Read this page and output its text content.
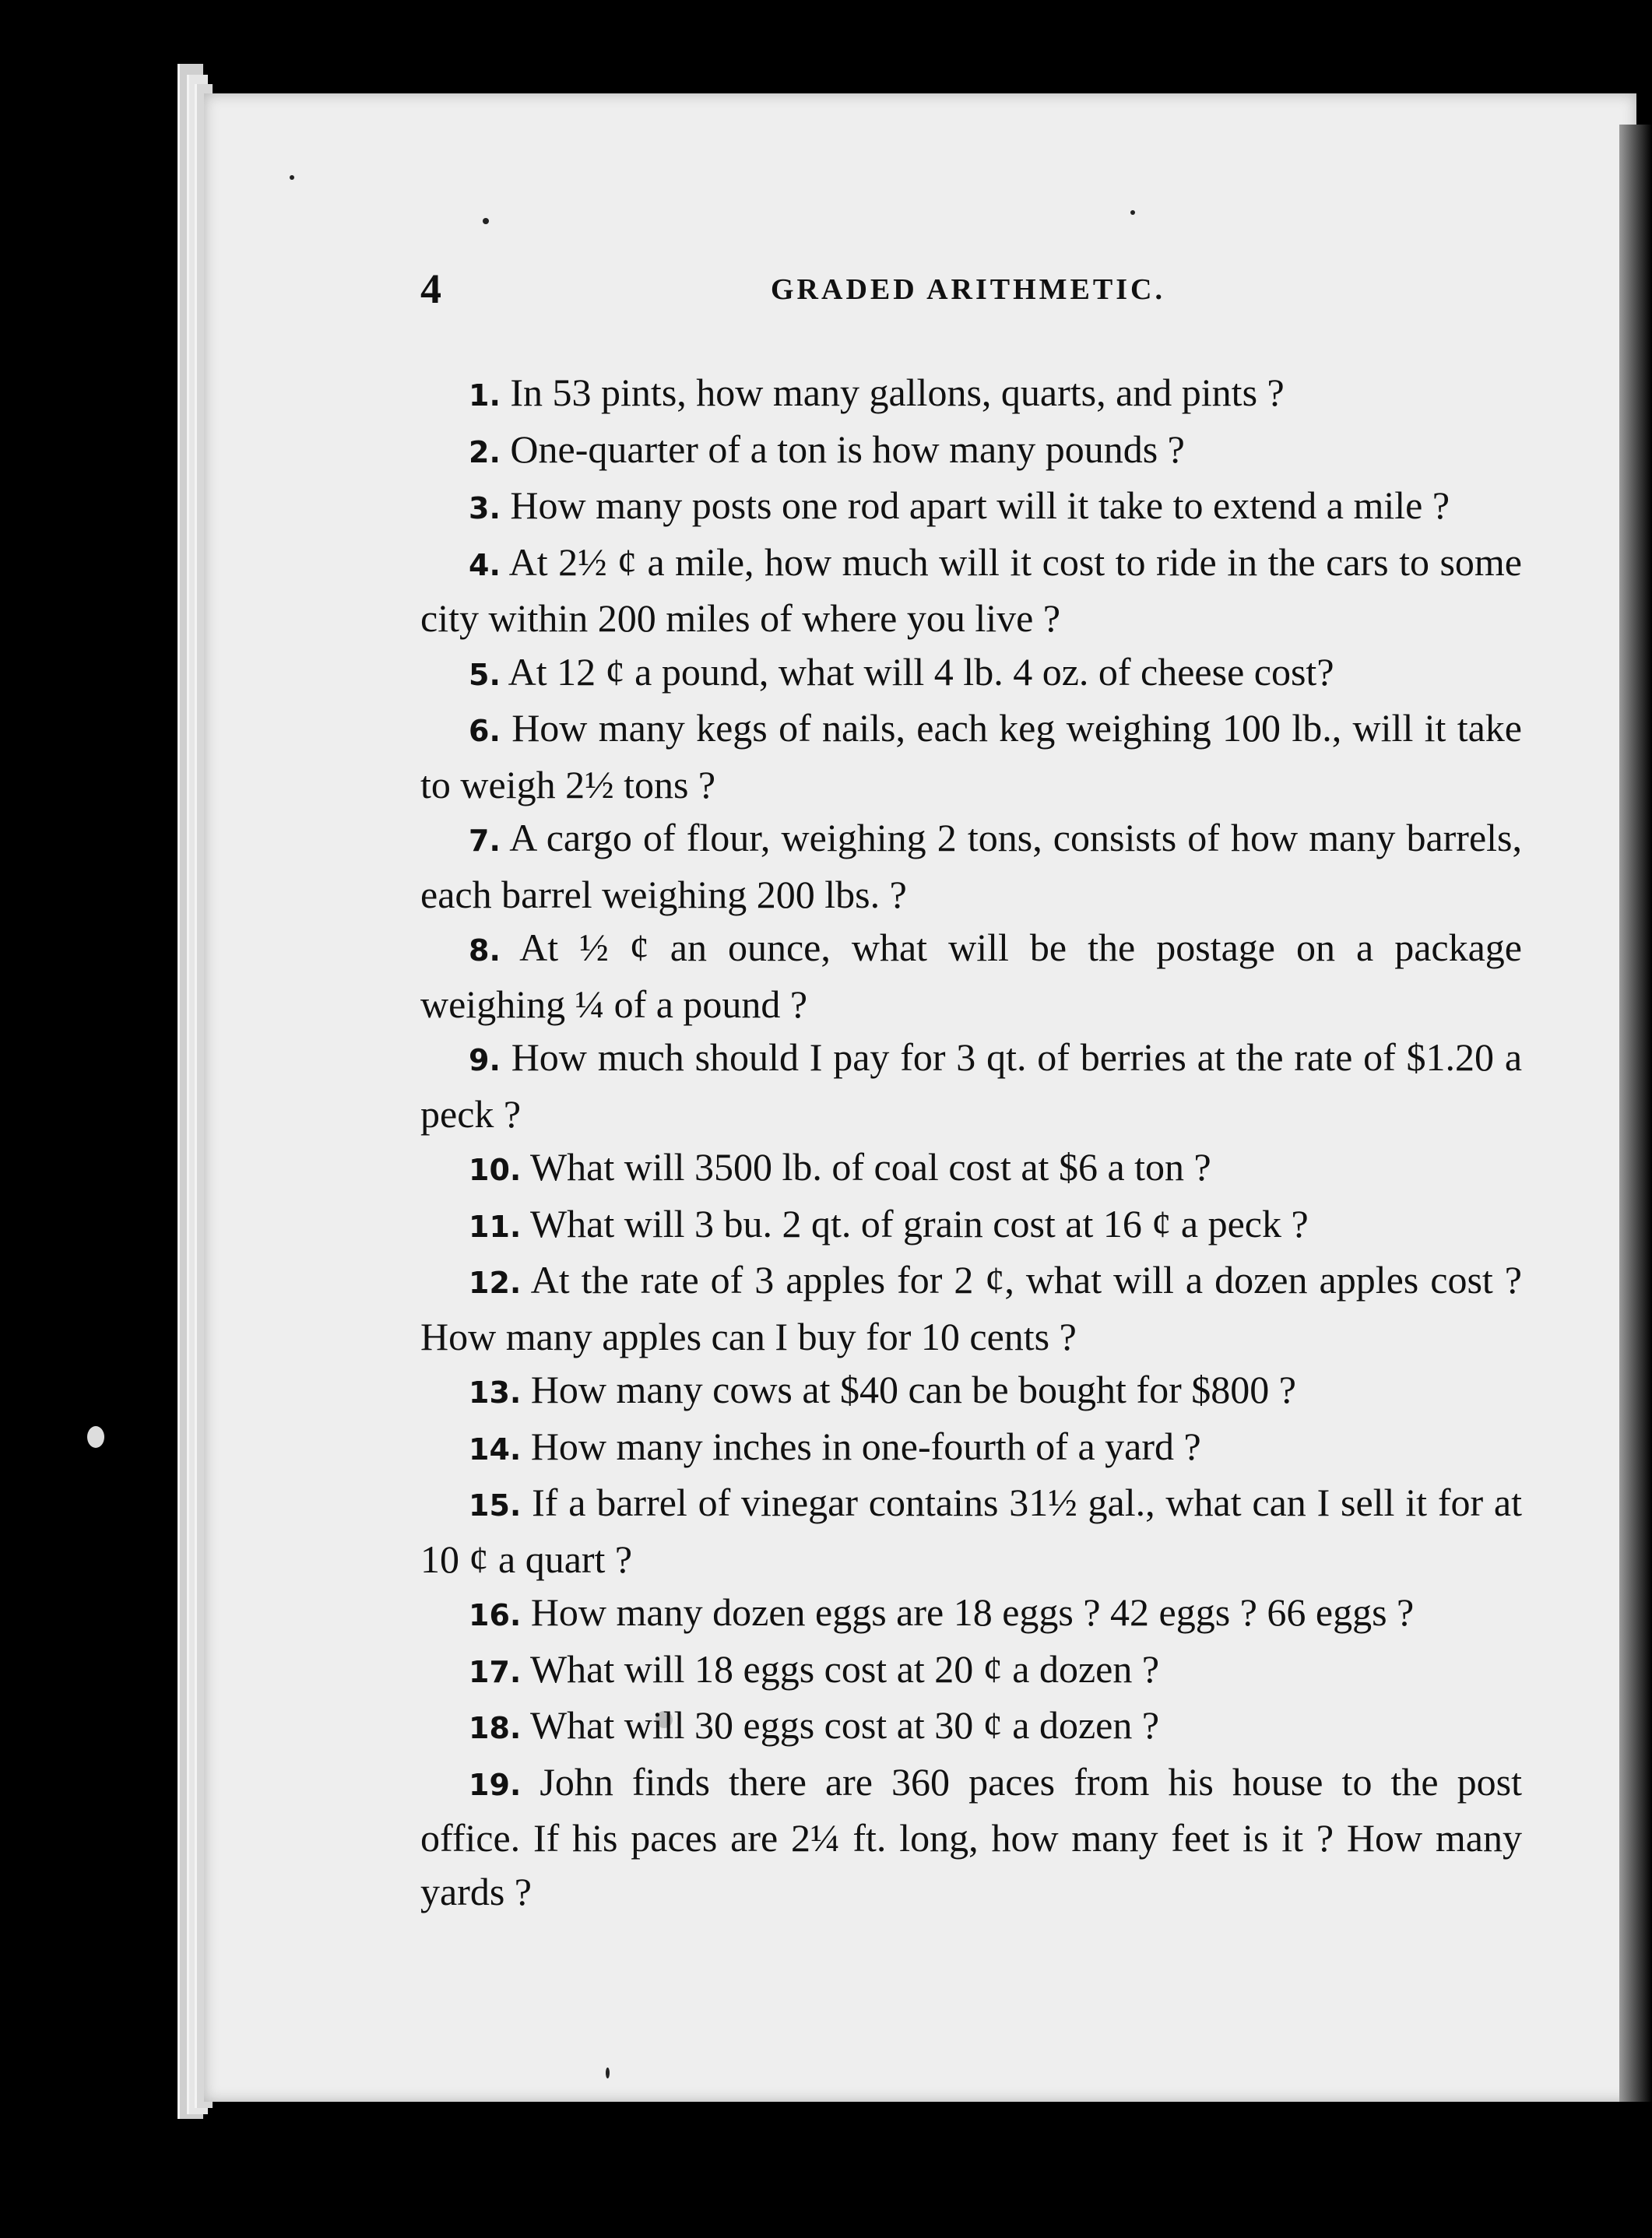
4	GRADED ARITHMETIC.

1 . In 53 pints, how many gallons, quarts, and pints ?

2 . One-quarter of a ton is how many pounds ?

3 . How many posts one rod apart will it take to extend a mile ?

4 . At 2½ ¢ a mile, how much will it cost to ride in the cars to some city within 200 miles of where you live ?

5 . At 12 ¢ a pound, what will 4 lb. 4 oz. of cheese cost?

6 . How many kegs of nails, each keg weighing 100 lb., will it take to weigh 2½ tons ?

7 . A cargo of flour, weighing 2 tons, consists of how many barrels, each barrel weighing 200 lbs. ?

8 . At ½ ¢ an ounce, what will be the postage on a package weighing ¼ of a pound ?

9 . How much should I pay for 3 qt. of berries at the rate of $1.20 a peck ?

10 . What will 3500 lb. of coal cost at $6 a ton ?

11 . What will 3 bu. 2 qt. of grain cost at 16 ¢ a peck ?

12 . At the rate of 3 apples for 2 ¢, what will a dozen apples cost ? How many apples can I buy for 10 cents ?

13 . How many cows at $40 can be bought for $800 ?

14 . How many inches in one-fourth of a yard ?

15 . If a barrel of vinegar contains 31½ gal., what can I sell it for at 10 ¢ a quart ?

16 . How many dozen eggs are 18 eggs ? 42 eggs ? 66 eggs ?

17 . What will 18 eggs cost at 20 ¢ a dozen ?

18 . What will 30 eggs cost at 30 ¢ a dozen ?

19 . John finds there are 360 paces from his house to the post office. If his paces are 2¼ ft. long, how many feet is it ? How many yards ?
